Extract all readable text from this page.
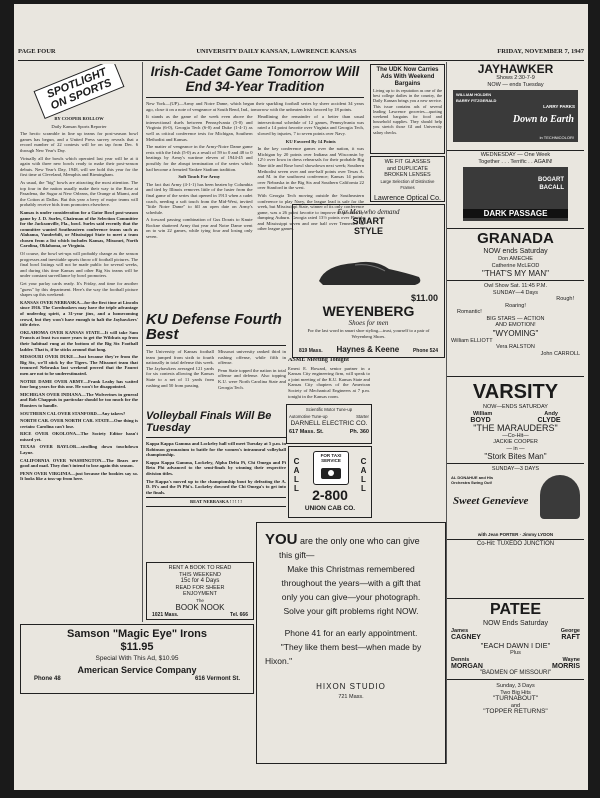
PAGE FOUR	UNIVERSITY DAILY KANSAN, LAWRENCE KANSAS	FRIDAY, NOVEMBER 7, 1947
SPOTLIGHT ON SPORTS

BY COOPER ROLLOW

Daily Kansan Sports Reporter

The hectic scramble in line up teams for post-season bowl games has begun, and a United Press survey reveals that a record number of 22 contests will be on tap from Dec. 6 through New Year's Day.

Virtually all the bowls which operated last year will be at it again with three new bowls ready to make their post-season debuts. New Year's Day, 1948, will see bold this year for the first time at Cleveland, Memphis and Birmingham.

As usual, the "big" bowls are attracting the most attention. The top four in the nation usually make their way to the Rose at Pasadena, the Sugar at New Orleans, the Orange at Miami, and the Cotton at Dallas. But this year a bevy of major teams will probably receive bids from promoters elsewhere.

Kansas is under consideration for a Gator Bowl post-season game by J. D. Surles, Chairman of the Selection Committee for the Jacksonville, Fla., bowl. Surles said recently that the committee wanted Southeastern conference teams such as Alabama, Vanderbilt, or Mississippi State to meet a team chosen from a list which includes Kansas, Missouri, North Carolina, Oklahoma, or Virginia.

Of course, the bowl set-ups will probably change as the season progresses and inevitable upsets throw off football pictures. The final bowl listings will not be made public for several weeks, and during this time Kansas and other Big Six teams will be under constant surveillance by bowl promoters.

Get your parlay cards ready. It's Friday, and time for another "guess" by this department. Here's the way the football picture shapes up this weekend:

KANSAS OVER NEBRASKA—for the first time at Lincoln since 1916. The Cornhuskers may have the triple advantage of underdog spirit, a 31-year jinx, and a homecoming crowd, but they won't have enough to halt the Jayhawkers' title drive.

OKLAHOMA OVER KANSAS STATE—It will take Sam Francis at least two more years to get the Wildcats up from their habitual rung at the bottom of the Big Six Football ladder. That is, if he sticks around that long.

MISSOURI OVER DUKE—Just because they're from the Big Six, we'll stick by the Tigers. The Missouri team that trounced Nebraska last weekend proved that the Faurot men are not to be underestimated.

NOTRE DAME OVER ARMY—Frank Leahy has waited four long years for this one. He won't be disappointed.

MICHIGAN OVER INDIANA—The Wolverines in general and Bob Chappuis in particular should be too much for the Hoosiers to handle.

SOUTHERN CAL OVER STANFORD—Any takers?

NORTH CAR. OVER NORTH CAR. STATE—One thing is certain: Carolina can't lose.

RICE OVER OKOLONA—The Society Editor hasn't missed yet.

TEXAS OVER BAYLOR—strolling down touchdown Layne.

CALIFORNIA OVER WASHINGTON—The Bears are good and mad. They don't intend to lose again this season.

PENN OVER VIRGINIA—just because the bookies say so. It looks like a toss-up from here.

Irish-Cadet Game Tomorrow Will End 34-Year Tradition

New York—(UP)—Army and Notre Dame, which began their sparkling football series by sheer accident 34 years ago, close it on a note of vengeance at South Bend, Ind., tomorrow with the unbeaten Irish favored by 18 points.

It stands as the game of the week even above the intersectional duels between Pennsylvania (5-0) and Virginia (6-0), Georgia Tech (6-0) and Duke (1-4-1) as well as critical conference tests for Michigan, Southern Methodist and Kansas.

The matter of vengeance in the Army-Notre Dame game rests with the Irish (5-0) as a result of 59 to 0 and 48 to 0 beatings by Army's wartime eleven of 1944-45 and possibly for the abrupt termination of the series which had become a frenzied Yankee Stadium tradition.

Soft Touch For Army

The fact that Army (4-1-1) has been beaten by Columbia and tied by Illinois removes little of the luster from the final game of the series that opened in 1913 when a cadet coach, needing a soft touch from the Mid-West, invited "little Notre Dame" to fill an open date on Army's schedule.

A forward passing combination of Gus Dorais to Knute Rockne shattered Army that year and Notre Dame went on to win 22 games, while tying four and losing only seven.

Headlining the remainder of a better than usual intersectional schedule of 12 games, Pennsylvania was rated a 14 point favorite over Virginia and Georgia Tech, slowed by injuries, 7 to seven points over Navy.

KU Favored By 14 Points

In the key conference games over the nation, it was Michigan by 20 points over Indiana and Wisconsin by 12½ over Iowa in dress rehearsals for their probable Big Nine title and Rose bowl showdown next week; Southern Methodist seven over and one-half points over Texas A. and M. in the southwest conference; Kansas 14 points over Nebraska in the Big Six and Southern California 22 over Stanford in the west.

With Georgia Tech moving outside the Southeastern conference to play Navy, the league lead is safe for the week, but Mississippi State, winner of its only conference game, was a 26 point favorite to improve its position by dumping Auburn. Georgia rated 13½ points over Florida and Mississippi seven and one half over Tennessee in other league games.

The UDK Now Carries Ads With Weekend Bargains

Living up to its reputation as one of the best college dailies in the country, the Daily Kansan brings you a new service. This issue contains ads of several leading Lawrence groceries—quoting weekend bargains for food and household supplies. They should help you stretch those GI and University salary checks.

WE FIT GLASSES

and DUPLICATE

BROKEN LENSES

Large Selection of Distinctive Frames

Lawrence Optical Co.

For Men who demand

SMART

STYLE

$11.00

WEYENBERG

Shoes for men

For the last word in smart shoe styling—trust, yourself to a pair of Weyenberg Shoes.

819 Mass. Haynes & Keene	Phone 524

KU Defense Fourth Best

The University of Kansas football team jumped from sixth to fourth nationally in total defense this week. The Jayhawkers averaged 121 yards for six contests allowing the Kansas State to a net of 11 yards from rushing and 50 from passing.

Missouri university ranked third in rushing offense, while fifth in offense.

Penn State topped the nation in total offense and defense. Also topping K.U. were North Carolina State and Georgia Tech.

ASME Meeting Tonight

Ernest E. Howard, senior partner in a Kansas City engineering firm, will speak to a joint meeting of the K.U. Kansas State and Kansas City chapters of the American Society of Mechanical Engineers at 7 p.m. tonight in the Kansas room.

Scientific Motor Tune-up

Automotive Tune-up	Starter

DARNELL ELECTRIC CO.

617 Mass. St.	Ph. 360

Volleyball Finals Will Be Tuesday

Kappa Kappa Gamma and Lockeley hall will meet Tuesday at 5 p.m. in Robinson gymnasium to battle for the women's intramural volleyball championship.

Kappa Kappa Gamma, Lockeley, Alpha Delta Pi, Chi Omega and Pi Beta Phi advanced to the semi-finals by winning their respective division titles.

The Kappa's moved up to the championship bout by defeating the A. D. Pi's and the Pi Phi's. Lockeley downed the Chi Omega's to get into the finals.

BEAT NEBRASKA ! ! ! ! !

CALL	CALL
FOR TAXI SERVICE

2-800

UNION CAB CO.

RENT A BOOK TO READ

THIS WEEKEND

15c for 4 Days

READ FOR SHEER

ENJOYMENT

The

BOOK NOOK

1021 Mass.	Tel. 666

YOU are the only one who can give

this gift—

Make this Christmas remembered

throughout the years—with a gift that

only you can give—your photograph.

Solve your gift problems right NOW.

Phone 41 for an early appointment.

"They like them best—when made by

Hixon."

HIXON STUDIO

721 Mass.

Samson "Magic Eye" Irons

$11.95

Special With This Ad, $10.95

American Service Company

Phone 48	616 Vermont St.

JAYHAWKER

Shows 2:30-7-9

NOW — ends Tuesday

WILLIAM HOLDEN
BARRY FITZGERALD
LARRY PARKS
Down to Earth
in TECHNICOLOR!

WEDNESDAY — One Week

Together . . . Terrific . . AGAIN!

BOGART
BACALL
DARK PASSAGE

GRANADA

NOW ends Saturday

Don AMECHE

Catherine McLEOD

"THAT'S MY MAN"

Owl Show Sat. 11:45 P.M.

SUNDAY—4 Days

Rough!

Roaring!

Romantic!

BIG STARS — ACTION

AND EMOTION!

"WYOMING"

William ELLIOTT

Vera RALSTON

John CARROLL

VARSITY

NOW—ENDS SATURDAY

William	Andy
BOYD	CLYDE

"THE MARAUDERS"

—Co-Hit—

JACKIE COOPER

— in —

"Stork Bites Man"

SUNDAY—3 DAYS

AL DONAHUE and His Orchestra Swing Out!
Sweet Genevieve
with Jean PORTER · Jimmy LYDON

Co-Hit: TUXEDO JUNCTION

PATEE

NOW Ends Saturday

James	George
CAGNEY	RAFT

"EACH DAWN I DIE"

Plus

Dennis	Wayne
MORGAN	MORRIS

"BADMEN OF MISSOURI"

Sunday, 3 Days

Two Big Hits

"TURNABOUT"

and

"TOPPER RETURNS"
